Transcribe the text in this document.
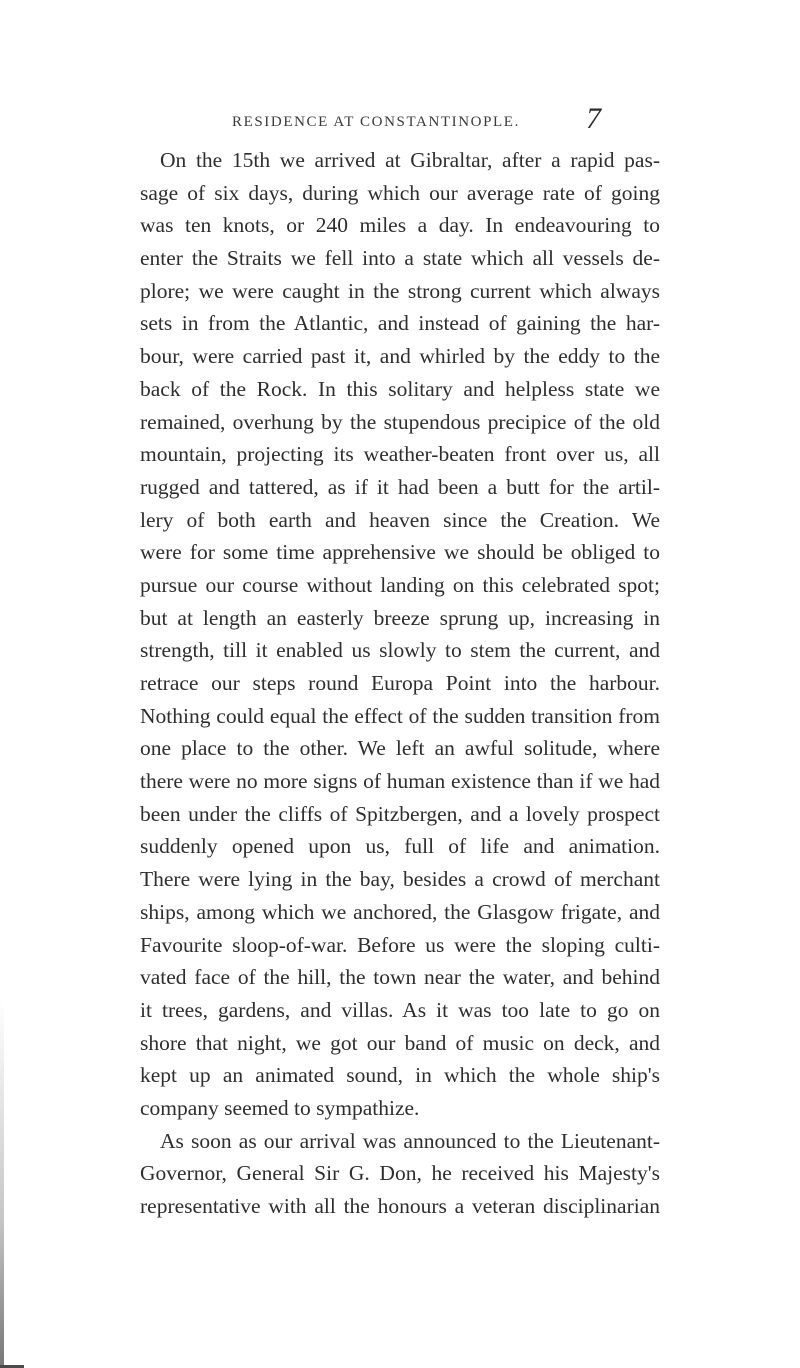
RESIDENCE AT CONSTANTINOPLE. 7

On the 15th we arrived at Gibraltar, after a rapid pas-
sage of six days, during which our average rate of going
was ten knots, or 240 miles a day. In endeavouring to
enter the Straits we fell into a state which all vessels de-
plore; we were caught in the strong current which always
sets in from the Atlantic, and instead of gaining the har-
bour, were carried past it, and whirled by the eddy to the
back of the Rock. In this solitary and helpless state we
remained, overhung by the stupendous precipice of the old
mountain, projecting its weather-beaten front over us, all
rugged and tattered, as if it had been a butt for the artil-
lery of both earth and heaven since the Creation. We
were for some time apprehensive we should be obliged to
pursue our course without landing on this celebrated spot;
but at length an easterly breeze sprung up, increasing in
strength, till it enabled us slowly to stem the current, and
retrace our steps round Europa Point into the harbour.
Nothing could equal the effect of the sudden transition from
one place to the other. We left an awful solitude, where
there were no more signs of human existence than if we had
been under the cliffs of Spitzbergen, and a lovely prospect
suddenly opened upon us, full of life and animation.
There were lying in the bay, besides a crowd of merchant
ships, among which we anchored, the Glasgow frigate, and
Favourite sloop-of-war. Before us were the sloping culti-
vated face of the hill, the town near the water, and behind
it trees, gardens, and villas. As it was too late to go on
shore that night, we got our band of music on deck, and
kept up an animated sound, in which the whole ship's
company seemed to sympathize.

As soon as our arrival was announced to the Lieutenant-
Governor, General Sir G. Don, he received his Majesty's
representative with all the honours a veteran disciplinarian
